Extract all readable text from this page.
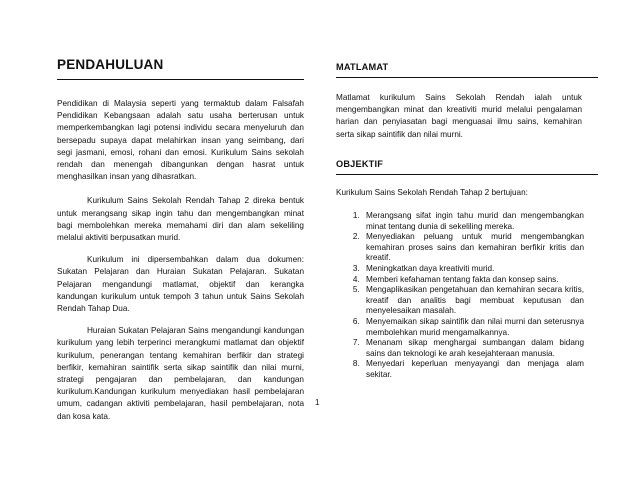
PENDAHULUAN

Pendidikan di Malaysia seperti yang termaktub dalam Falsafah Pendidikan Kebangsaan adalah satu usaha berterusan untuk memperkembangkan lagi potensi individu secara menyeluruh dan bersepadu supaya dapat melahirkan insan yang seimbang, dari segi jasmani, emosi, rohani dan emosi. Kurikulum Sains sekolah rendah dan menengah dibangunkan dengan hasrat untuk menghasilkan insan yang dihasratkan.

Kurikulum Sains Sekolah Rendah Tahap 2 direka bentuk untuk merangsang sikap ingin tahu dan mengembangkan minat bagi membolehkan mereka memahami diri dan alam sekeliling melalui aktiviti berpusatkan murid.

Kurikulum ini dipersembahkan dalam dua dokumen: Sukatan Pelajaran dan Huraian Sukatan Pelajaran. Sukatan Pelajaran mengandungi matlamat, objektif dan kerangka kandungan kurikulum untuk tempoh 3 tahun untuk Sains Sekolah Rendah Tahap Dua.

Huraian Sukatan Pelajaran Sains mengandungi kandungan kurikulum yang lebih terperinci merangkumi matlamat dan objektif kurikulum, penerangan tentang kemahiran berfikir dan strategi berfikir, kemahiran saintifik serta sikap saintifik dan nilai murni, strategi pengajaran dan pembelajaran, dan kandungan kurikulum.Kandungan kurikulum menyediakan hasil pembelajaran umum, cadangan aktiviti pembelajaran, hasil pembelajaran, nota dan kosa kata.

MATLAMAT

Matlamat kurikulum Sains Sekolah Rendah ialah untuk mengembangkan minat dan kreativiti murid melalui pengalaman harian dan penyiasatan bagi menguasai ilmu sains, kemahiran serta sikap saintifik dan nilai murni.

OBJEKTIF

Kurikulum Sains Sekolah Rendah Tahap 2 bertujuan:

1. Merangsang sifat ingin tahu murid dan mengembangkan minat tentang dunia di sekeliling mereka.
2. Menyediakan peluang untuk murid mengembangkan kemahiran proses sains dan kemahiran berfikir kritis dan kreatif.
3. Meningkatkan daya kreativiti murid.
4. Memberi kefahaman tentang fakta dan konsep sains.
5. Mengaplikasikan pengetahuan dan kemahiran secara kritis, kreatif dan analitis bagi membuat keputusan dan menyelesaikan masalah.
6. Menyemaikan sikap saintifik dan nilai murni dan seterusnya membolehkan murid mengamalkannya.
7. Menanam sikap menghargai sumbangan dalam bidang sains dan teknologi ke arah kesejahteraan manusia.
8. Menyedari keperluan menyayangi dan menjaga alam sekitar.
1
